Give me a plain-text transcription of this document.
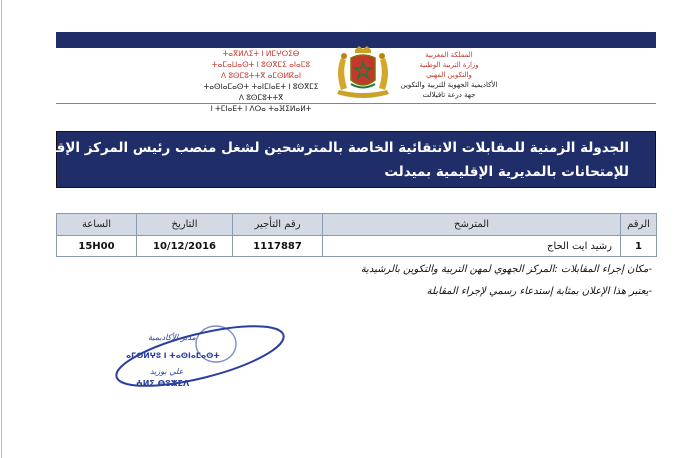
ⵜⴰⴳⵍⴷⵉⵜ ⵏ ⵍⵎⵖⵔⵉⴱ
ⵜⴰⵎⴰⵡⴰⵙⵜ ⵏ ⵓⵙⴳⵎⵉ ⴰⵏⴰⵎⵓ
ⴷ ⵓⵙⵎⵓⵜⵜⴳ ⴰⵎⵙⵍⴽⴰⵏ
ⵜⴰⵙⵏⴰⵎⴰⵙⵜ ⵜⴰⵏⵎⵏⴰⴹⵜ ⵏ ⵓⵙⴳⵎⵉ
ⴷ ⵓⵙⵎⵓⵜⵜⴳ
ⵏ ⵜⵎⵏⴰⴹⵜ ⵏ ⴷⵔⴰ ⵜⴰⴼⵉⵍⴰⵍⵜ
المملكة المغربية
وزارة التربية الوطنية
والتكوين المهني
الأكاديمية الجهوية للتربية والتكوين
جهة درعة تافيلالت
الجدولة الزمنية للمقابلات الانتقائية الخاصة بالمترشحين لشغل منصب رئيس المركز الإقليمي
للإمتحانات بالمديرية الإقليمية بميدلت
الساعة	التاريخ	رقم التأجير	المترشح	الرقم
15H00	10/12/2016	1117887	رشيد ايت الحاج	1
-مكان إجراء المقابلات :المركز الجهوي لمهن التربية والتكوين بالرشيدية
-يعتبر هذا الإعلان بمثابة إستدعاء رسمي لإجراء المقابلة
مدير الأكاديمية
ⴰⵎⵙⵍⵖⵓ ⵏ ⵜⴰⵙⵏⴰⵎⴰⵙⵜ
علي بوزيد
ⵄⵍⵉ ⴱⵓⵣⵉⴷ
